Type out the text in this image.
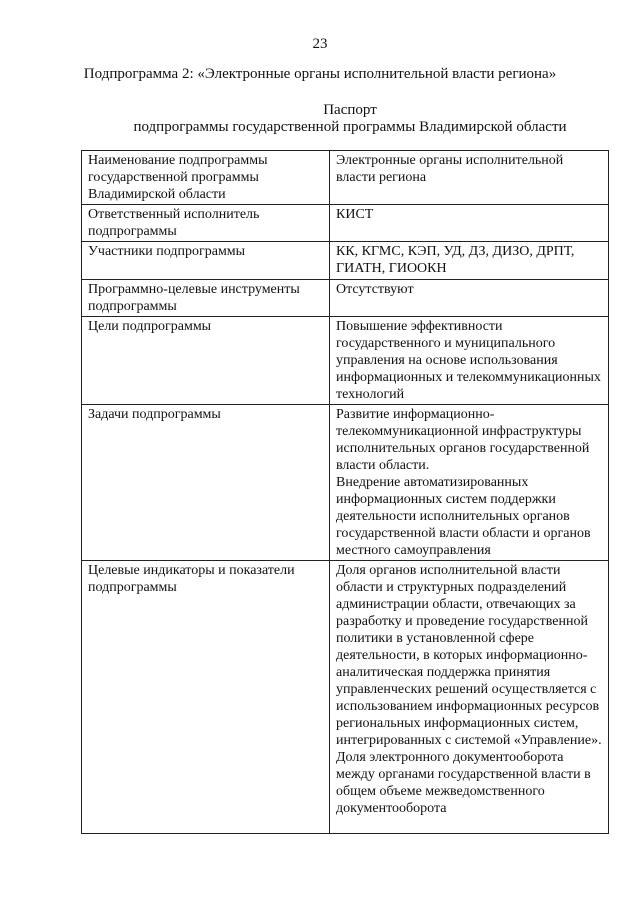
23
Подпрограмма 2: «Электронные органы исполнительной власти региона»
Паспорт
подпрограммы государственной программы Владимирской области
Наименование подпрограммы государственной программы Владимирской области	Электронные органы исполнительной власти региона
Ответственный исполнитель подпрограммы	КИСТ
Участники подпрограммы	КК, КГМС, КЭП, УД, ДЗ, ДИЗО, ДРПТ, ГИАТН, ГИООКН
Программно-целевые инструменты подпрограммы	Отсутствуют
Цели подпрограммы	Повышение эффективности государственного и муниципального управления на основе использования информационных и телекоммуникационных технологий
Задачи подпрограммы	Развитие информационно-телекоммуникационной инфраструктуры исполнительных органов государственной власти области.
Внедрение автоматизированных информационных систем поддержки деятельности исполнительных органов государственной власти области и органов местного самоуправления
Целевые индикаторы и показатели подпрограммы	Доля органов исполнительной власти области и структурных подразделений администрации области, отвечающих за разработку и проведение государственной политики в установленной сфере деятельности, в которых информационно-аналитическая поддержка принятия управленческих решений осуществляется с использованием информационных ресурсов региональных информационных систем, интегрированных с системой «Управление».
Доля электронного документооборота между органами государственной власти в общем объеме межведомственного документооборота
